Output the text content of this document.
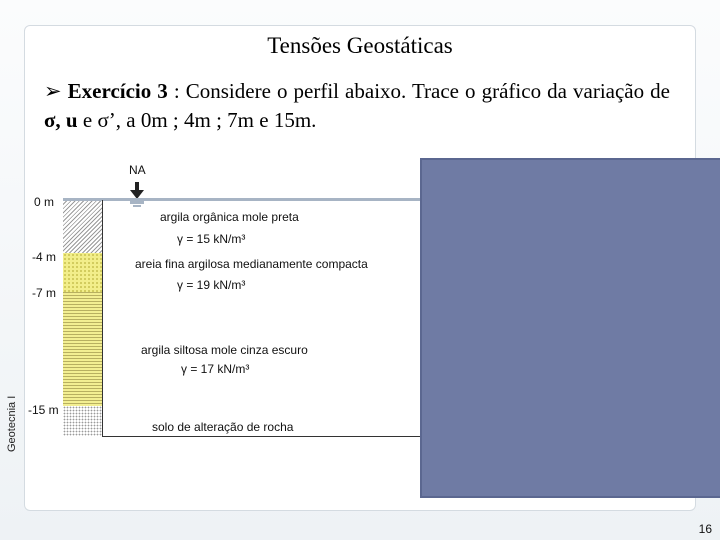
Tensões Geostáticas
➢ Exercício 3 : Considere o perfil abaixo. Trace o gráfico da variação de σ, u e σ’, a 0m ; 4m ; 7m e 15m.
NA
0 m
-4 m
-7 m
-15 m
argila orgânica mole preta
γ = 15 kN/m³
areia fina argilosa medianamente compacta
γ = 19 kN/m³
argila siltosa mole cinza escuro
γ = 17 kN/m³
solo de alteração de rocha
Geotecnia I
16
